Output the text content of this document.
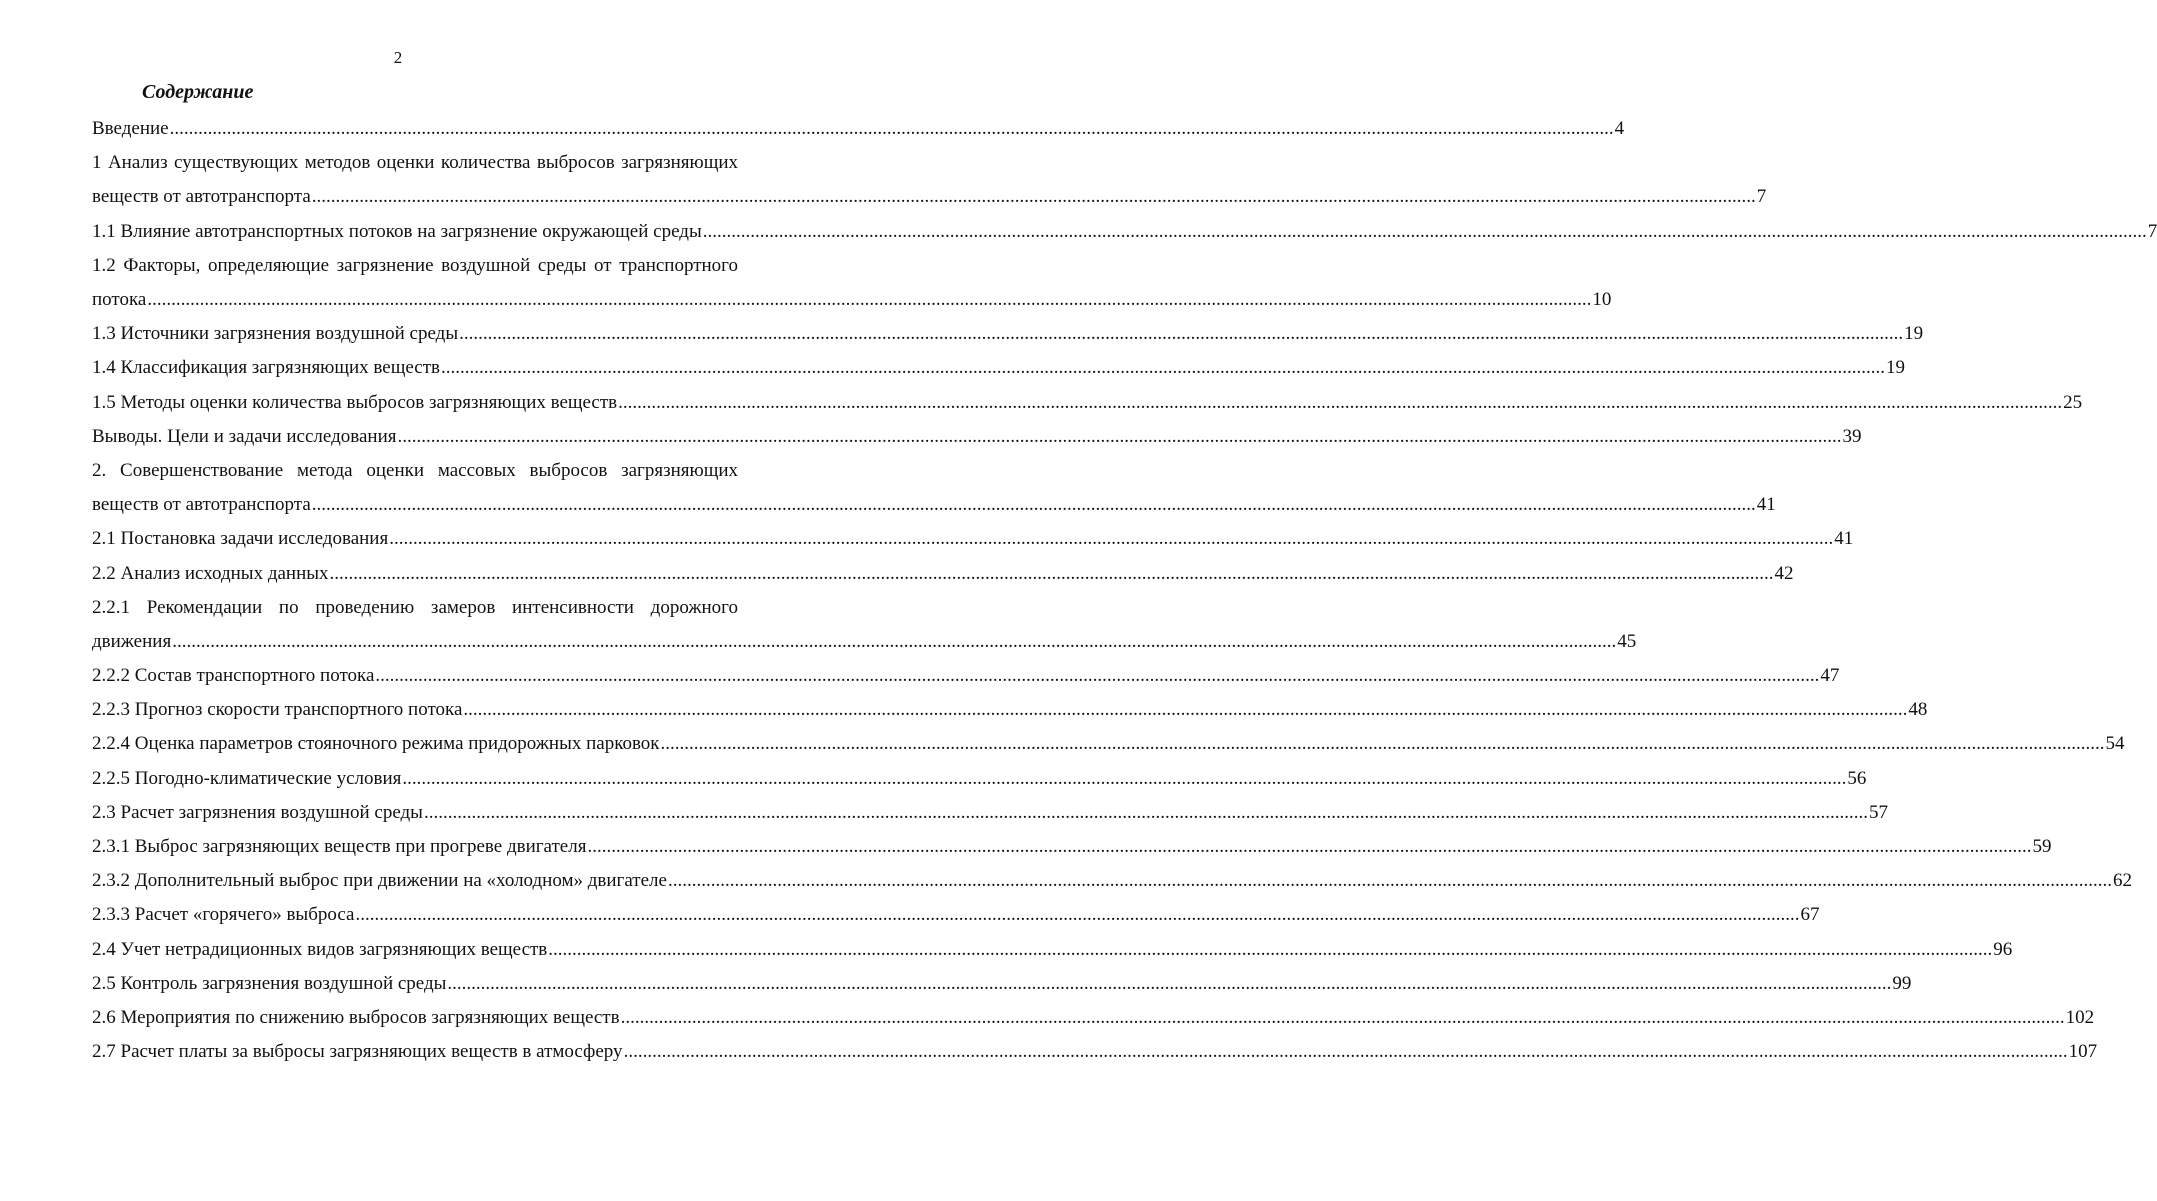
2
Содержание
Введение ................................................................................................................................................................................................................................................................................................................ 4
1 Анализ существующих методов оценки количества выбросов загрязняющих
веществ от автотранспорта ................................................................................................................................................................................................................................................................................................................ 7
1.1 Влияние автотранспортных потоков на загрязнение окружающей среды ................................................................................................................................................................................................................................................................................................................ 7
1.2 Факторы, определяющие загрязнение воздушной среды от транспортного
потока ................................................................................................................................................................................................................................................................................................................ 10
1.3 Источники загрязнения воздушной среды ................................................................................................................................................................................................................................................................................................................ 19
1.4 Классификация загрязняющих веществ ................................................................................................................................................................................................................................................................................................................ 19
1.5 Методы оценки количества выбросов загрязняющих веществ ................................................................................................................................................................................................................................................................................................................ 25
Выводы. Цели и задачи исследования ................................................................................................................................................................................................................................................................................................................ 39
2. Совершенствование метода оценки массовых выбросов загрязняющих
веществ от автотранспорта ................................................................................................................................................................................................................................................................................................................ 41
2.1 Постановка задачи исследования ................................................................................................................................................................................................................................................................................................................ 41
2.2 Анализ исходных данных ................................................................................................................................................................................................................................................................................................................ 42
2.2.1 Рекомендации по проведению замеров интенсивности дорожного
движения ................................................................................................................................................................................................................................................................................................................ 45
2.2.2 Состав транспортного потока ................................................................................................................................................................................................................................................................................................................ 47
2.2.3 Прогноз скорости транспортного потока ................................................................................................................................................................................................................................................................................................................ 48
2.2.4 Оценка параметров стояночного режима придорожных парковок ................................................................................................................................................................................................................................................................................................................ 54
2.2.5 Погодно-климатические условия ................................................................................................................................................................................................................................................................................................................ 56
2.3 Расчет загрязнения воздушной среды ................................................................................................................................................................................................................................................................................................................ 57
2.3.1 Выброс загрязняющих веществ при прогреве двигателя ................................................................................................................................................................................................................................................................................................................ 59
2.3.2 Дополнительный выброс при движении на «холодном» двигателе ................................................................................................................................................................................................................................................................................................................ 62
2.3.3 Расчет «горячего» выброса ................................................................................................................................................................................................................................................................................................................ 67
2.4 Учет нетрадиционных видов загрязняющих веществ ................................................................................................................................................................................................................................................................................................................ 96
2.5 Контроль загрязнения воздушной среды ................................................................................................................................................................................................................................................................................................................ 99
2.6 Мероприятия по снижению выбросов загрязняющих веществ ................................................................................................................................................................................................................................................................................................................ 102
2.7 Расчет платы за выбросы загрязняющих веществ в атмосферу ................................................................................................................................................................................................................................................................................................................ 107
